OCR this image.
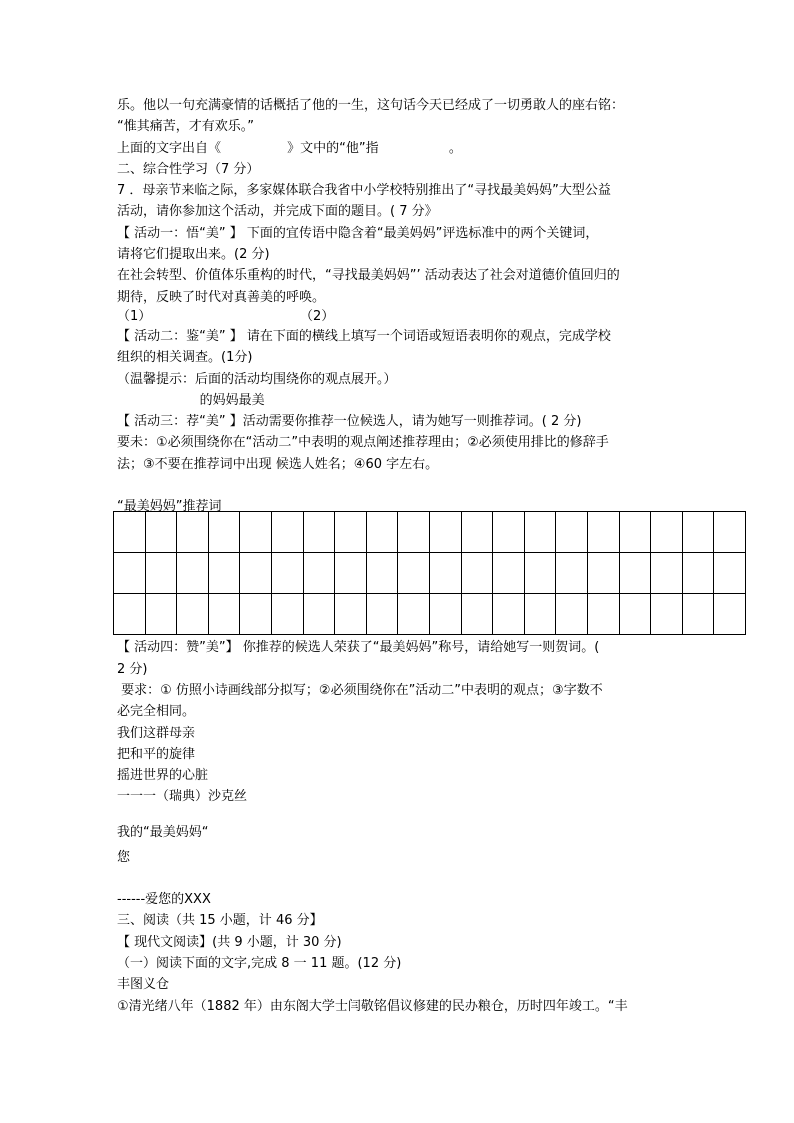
乐。他以一句充满豪情的话概括了他的一生，这句话今天已经成了一切勇敢人的座右铭：
“惟其痛苦，才有欢乐。”
上面的文字出自《                》文中的“他”指                 。
二、综合性学习（7 分）
7 ．母亲节来临之际，多家媒体联合我省中小学校特别推出了“寻找最美妈妈”大型公益
活动，请你参加这个活动，并完成下面的题目。( 7 分》
【 活动一：悟“美” 】 下面的宜传语中隐含着“最美妈妈”评选标准中的两个关键词，
请将它们提取出来。(2 分)
在社会转型、价值体乐重构的时代，“寻找最美妈妈”’ 活动表达了社会对道德价值回归的
期待，反映了时代对真善美的呼唤。
（1）                                    （2）
【 活动二：鉴“美” 】 请在下面的横线上填写一个词语或短语表明你的观点，完成学校
组织的相关调查。(1分)
（温馨提示：后面的活动均围绕你的观点展开。）
的妈妈最美
【 活动三：荐“美” 】活动需要你推荐一位候选人，请为她写一则推荐词。( 2 分)
要未：①必须围绕你在“活动二”中表明的观点阐述推荐理由；②必须使用排比的修辞手
法；③不要在推荐词中出现 候选人姓名；④60 字左右。
“最美妈妈”推荐词

【 活动四：赞”美”】 你推荐的候选人荣获了“最美妈妈”称号，请给她写一则贺词。(
2 分)
要求：① 仿照小诗画线部分拟写；②必须围绕你在”活动二”中表明的观点；③字数不
必完全相同。
我们这群母亲
把和平的旋律
摇进世界的心脏
一一一（瑞典）沙克丝
我的“最美妈妈“
您
------爱您的XXX
三、阅读（共 15 小题，计 46 分】
【 现代文阅读】(共 9 小题，计 30 分)
（一）阅读下面的文字,完成 8 一 11 题。(12 分)
丰图义仓
①清光绪八年（1882 年）由东阁大学士闫敬铭倡议修建的民办粮仓，历时四年竣工。“丰
